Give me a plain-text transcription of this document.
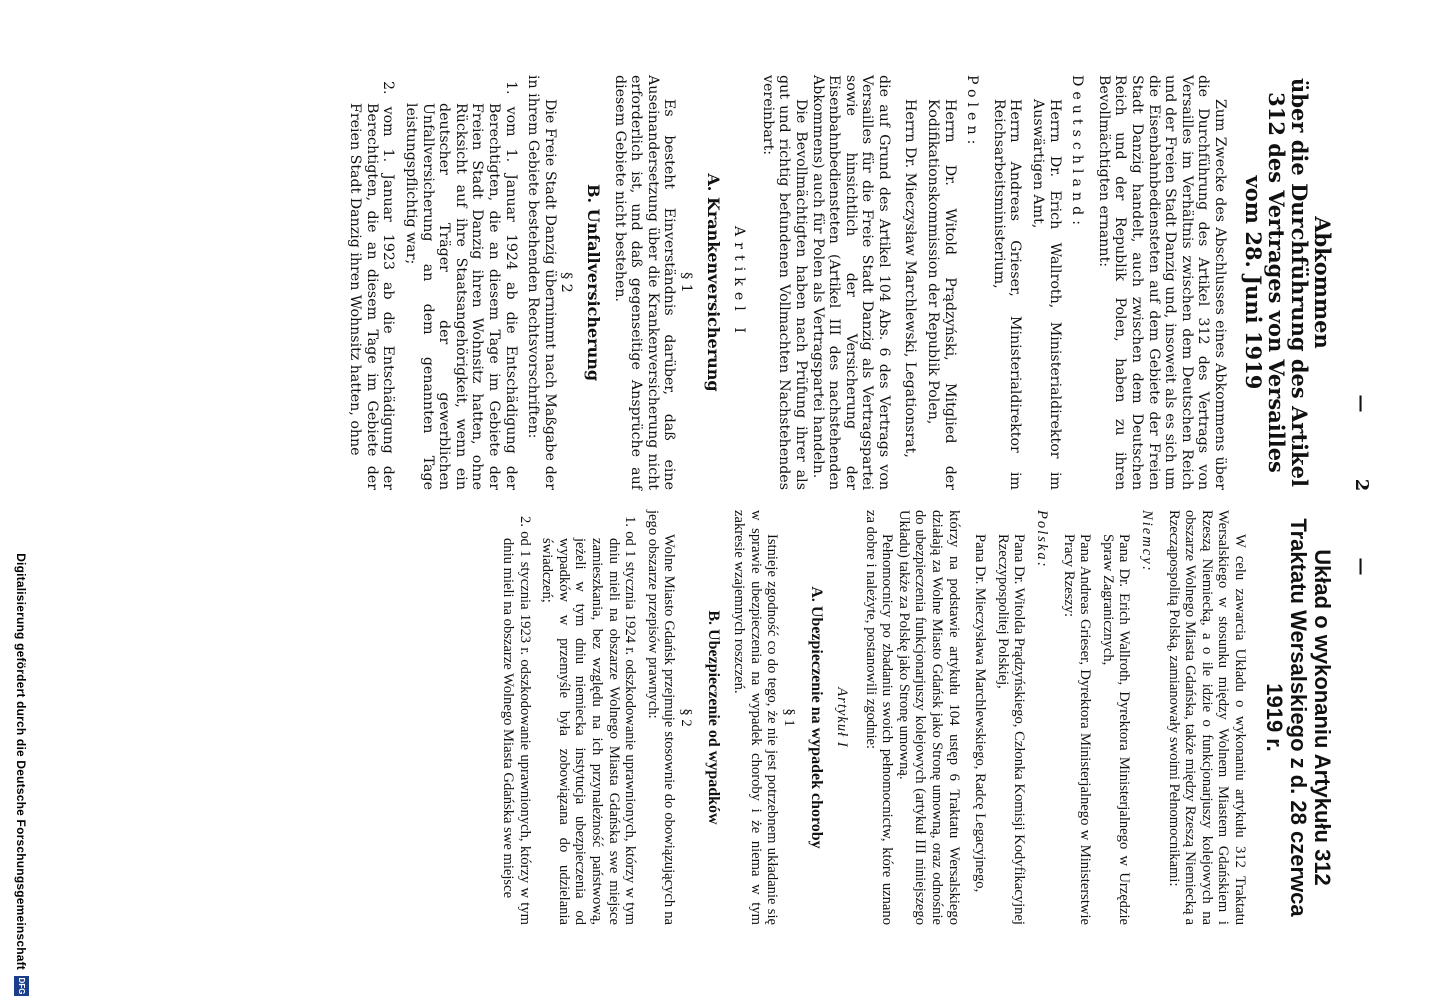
— 2 —
Abkommen
über die Durchführung des Artikel 312 des Vertrages von Versailles vom 28. Juni 1919

Zum Zwecke des Abschlusses eines Abkommens über die Durchführung des Artikel 312 des Vertrags von Versailles im Verhältnis zwischen dem Deutschen Reich und der Freien Stadt Danzig und, insoweit als es sich um die Eisenbahnbediensteten auf dem Gebiete der Freien Stadt Danzig handelt, auch zwischen dem Deutschen Reich und der Republik Polen, haben zu ihren Bevollmächtigten ernannt:

Deutschland:

Herrn Dr. Erich Wallroth, Ministerialdirektor im Auswärtigen Amt,

Herrn Andreas Grieser, Ministerialdirektor im Reichsarbeitsministerium,

Polen:

Herrn Dr. Witold Prądzyński, Mitglied der Kodifikationskommission der Republik Polen,

Herrn Dr. Mieczysław Marchlewski, Legationsrat,

die auf Grund des Artikel 104 Abs. 6 des Vertrags von Versailles für die Freie Stadt Danzig als Vertragspartei sowie hinsichtlich der Versicherung der Eisenbahnbediensteten (Artikel III des nachstehenden Abkommens) auch für Polen als Vertragspartei handeln.

Die Bevollmächtigten haben nach Prüfung ihrer als gut und richtig befundenen Vollmachten Nachstehendes vereinbart:

Artikel I

A. Krankenversicherung

§ 1

Es besteht Einverständnis darüber, daß eine Auseinandersetzung über die Krankenversicherung nicht erforderlich ist, und daß gegenseitige Ansprüche auf diesem Gebiete nicht bestehen.

B. Unfallversicherung

§ 2

Die Freie Stadt Danzig übernimmt nach Maßgabe der in ihrem Gebiete bestehenden Rechtsvorschriften:

1. vom 1. Januar 1924 ab die Entschädigung der Berechtigten, die an diesem Tage im Gebiete der Freien Stadt Danzig ihren Wohnsitz hatten, ohne Rücksicht auf ihre Staatsangehörigkeit, wenn ein deutscher Träger der gewerblichen Unfallversicherung an dem genannten Tage leistungspflichtig war;

2. vom 1. Januar 1923 ab die Entschädigung der Berechtigten, die an diesem Tage im Gebiete der Freien Stadt Danzig ihren Wohnsitz hatten, ohne

Układ o wykonaniu Artykułu 312 Traktatu Wersalskiego z d. 28 czerwca 1919 r.

W celu zawarcia Układu o wykonaniu artykułu 312 Traktatu Wersalskiego w stosunku między Wolnem Miastem Gdańskiem i Rzeszą Niemiecką, a o ile idzie o funkcjonarjuszy kolejowych na obszarze Wolnego Miasta Gdańska, także między Rzeszą Niemiecką a Rzecząpospolitą Polską, zamianowały swoimi Pełnomocnikami:

Niemcy:

Pana Dr. Erich Wallroth, Dyrektora Ministerjalnego w Urzędzie Spraw Zagranicznych,

Pana Andreas Grieser, Dyrektora Ministerjalnego w Ministerstwie Pracy Rzeszy:

Polska:

Pana Dr. Witolda Prądzyńskiego, Członka Komisji Kodyfikacyjnej Rzeczypospolitej Polskiej,

Pana Dr. Mieczysława Marchlewskiego, Radcę Legacyjnego,

którzy na podstawie artykułu 104 ustęp 6 Traktatu Wersalskiego działają za Wolne Miasto Gdańsk jako Stronę umowną, oraz odnośnie do ubezpieczenia funkcjonarjuszy kolejowych (artykuł III niniejszego Układu) także za Polskę jako Stronę umowną.

Pełnomocnicy po zbadaniu swoich pełnomocnictw, które uznano za dobre i należyte, postanowili zgodnie:

Artykuł I

A. Ubezpieczenie na wypadek choroby

§ 1

Istnieje zgodność co do tego, że nie jest potrzebnem układanie się w sprawie ubezpieczenia na wypadek choroby i że niema w tym zakresie wzajemnych roszczeń.

B. Ubezpieczenie od wypadków

§ 2

Wolne Miasto Gdańsk przejmuje stosownie do obowiązujących na jego obszarze przepisów prawnych:

1. od 1 stycznia 1924 r. odszkodowanie uprawnionych, którzy w tym dniu mieli na obszarze Wolnego Miasta Gdańska swe miejsce zamieszkania, bez względu na ich przynależność państwową, jeżeli w tym dniu niemiecka instytucja ubezpieczenia od wypadków w przemyśle była zobowiązana do udzielania świadczeń;

2. od 1 stycznia 1923 r. odszkodowanie uprawnionych, którzy w tym dniu mieli na obszarze Wolnego Miasta Gdańska swe miejsce

Digitalisierung gefördert durch die Deutsche Forschungsgemeinschaft
DFG
